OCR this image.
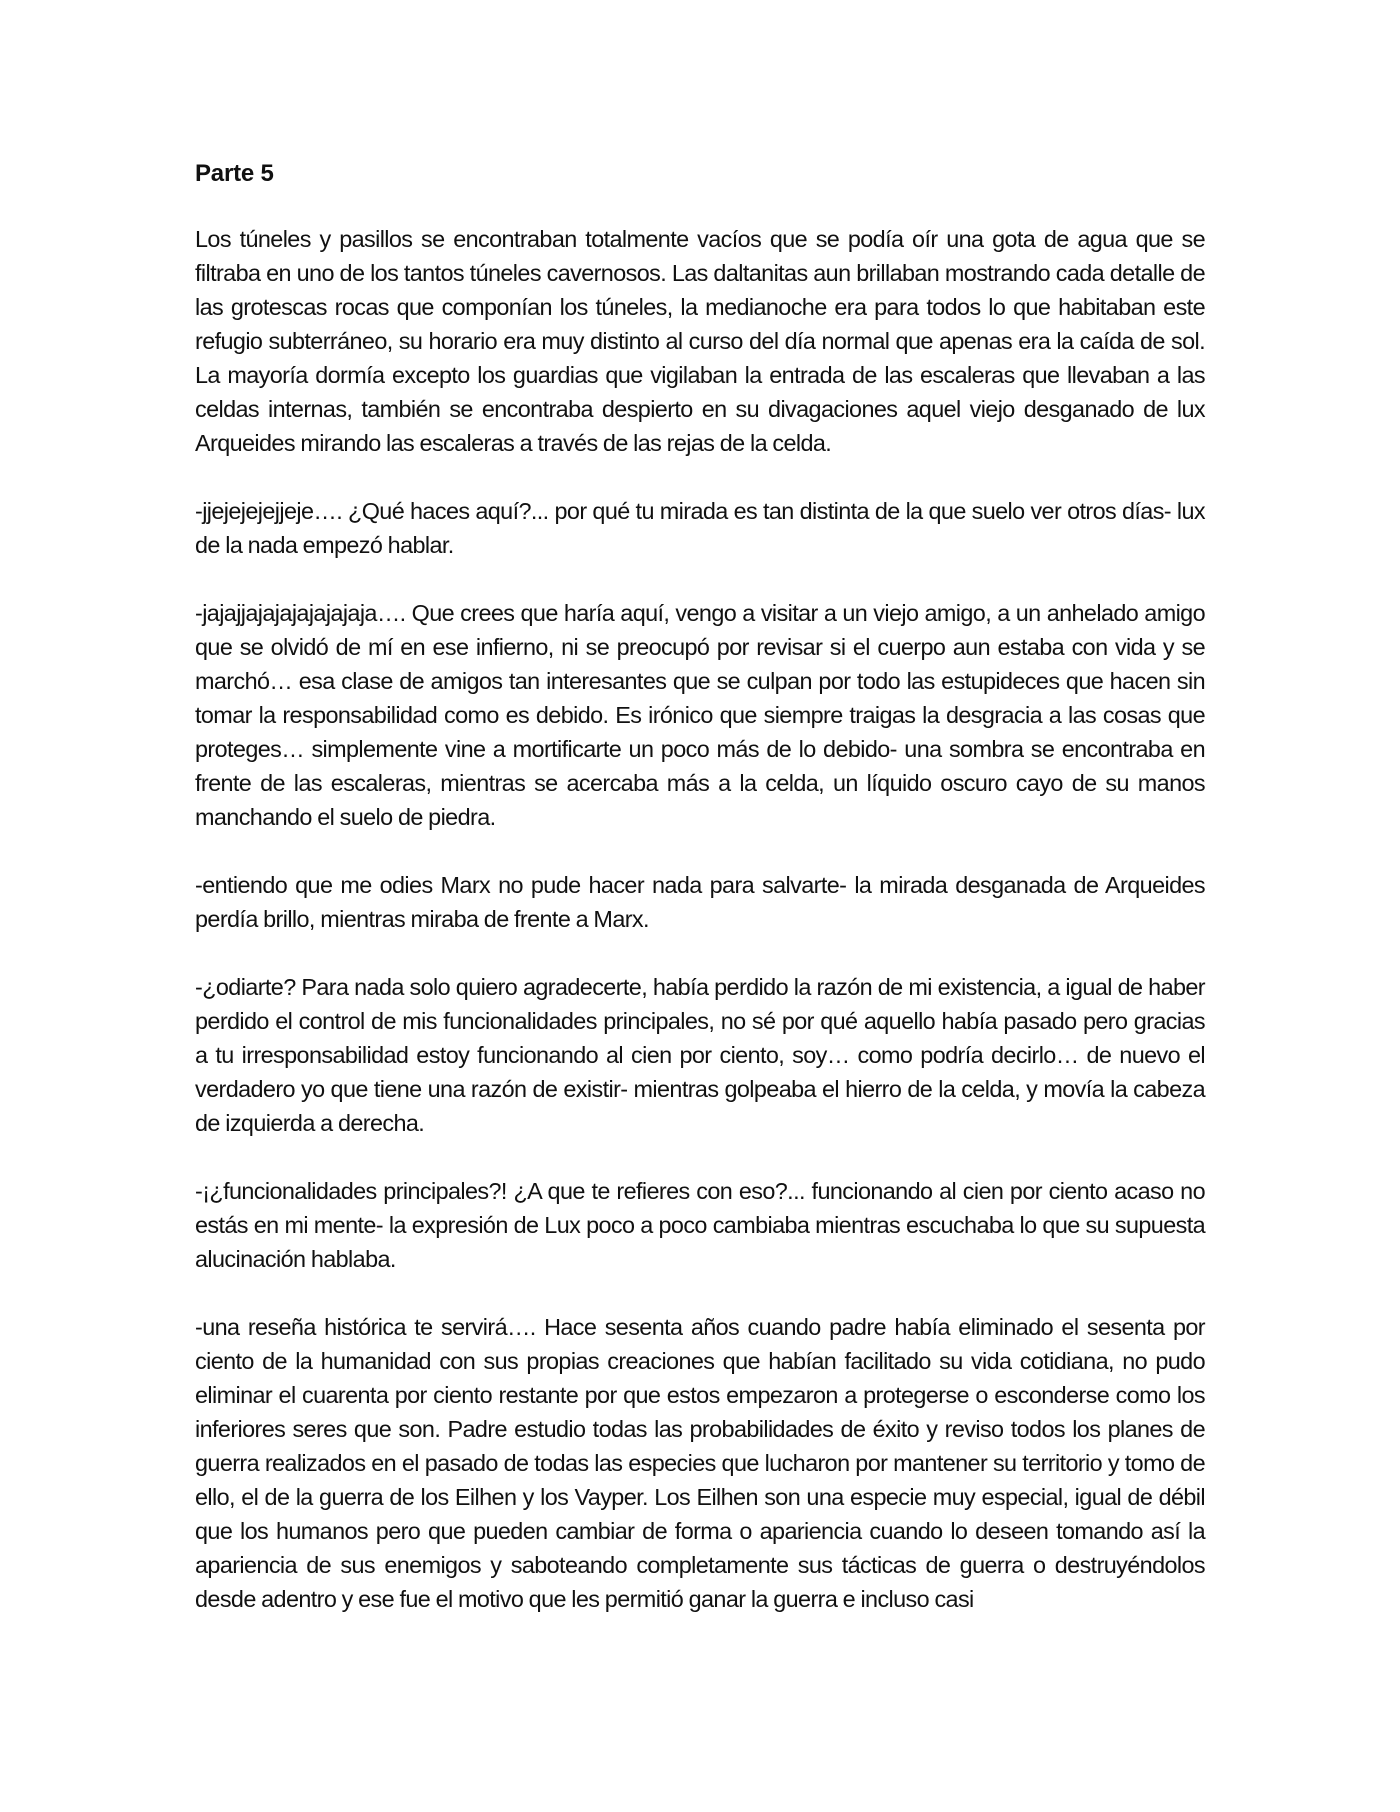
Parte 5

Los túneles y pasillos se encontraban totalmente vacíos que se podía oír una gota de agua que se filtraba en uno de los tantos túneles cavernosos. Las daltanitas aun brillaban mostrando cada detalle de las grotescas rocas que componían los túneles, la medianoche era para todos lo que habitaban este refugio subterráneo, su horario era muy distinto al curso del día normal que apenas era la caída de sol. La mayoría dormía excepto los guardias que vigilaban la entrada de las escaleras que llevaban a las celdas internas, también se encontraba despierto en su divagaciones aquel viejo desganado de lux Arqueides mirando las escaleras a través de las rejas de la celda.

-jjejejejejjeje…. ¿Qué haces aquí?... por qué tu mirada es tan distinta de la que suelo ver otros días- lux de la nada empezó hablar.

-jajajjajajajajajajaja…. Que crees que haría aquí, vengo a visitar a un viejo amigo, a un anhelado amigo que se olvidó de mí en ese infierno, ni se preocupó por revisar si el cuerpo aun estaba con vida y se marchó… esa clase de amigos tan interesantes que se culpan por todo las estupideces que hacen sin tomar la responsabilidad como es debido. Es irónico que siempre traigas la desgracia a las cosas que proteges… simplemente vine a mortificarte un poco más de lo debido- una sombra se encontraba en frente de las escaleras, mientras se acercaba más a la celda, un líquido oscuro cayo de su manos manchando el suelo de piedra.

-entiendo que me odies Marx no pude hacer nada para salvarte- la mirada desganada de Arqueides perdía brillo, mientras miraba de frente a Marx.

-¿odiarte? Para nada solo quiero agradecerte, había perdido la razón de mi existencia, a igual de haber perdido el control de mis funcionalidades principales, no sé por qué aquello había pasado pero gracias a tu irresponsabilidad estoy funcionando al cien por ciento, soy… como podría decirlo… de nuevo el verdadero yo que tiene una razón de existir- mientras golpeaba el hierro de la celda, y movía la cabeza de izquierda a derecha.

-¡¿funcionalidades principales?! ¿A que te refieres con eso?... funcionando al cien por ciento acaso no estás en mi mente- la expresión de Lux poco a poco cambiaba mientras escuchaba lo que su supuesta alucinación hablaba.

-una reseña histórica te servirá…. Hace sesenta años cuando padre había eliminado el sesenta por ciento de la humanidad con sus propias creaciones que habían facilitado su vida cotidiana, no pudo eliminar el cuarenta por ciento restante por que estos empezaron a protegerse o esconderse como los inferiores seres que son. Padre estudio todas las probabilidades de éxito y reviso todos los planes de guerra realizados en el pasado de todas las especies que lucharon por mantener su territorio y tomo de ello, el de la guerra de los Eilhen y los Vayper. Los Eilhen son una especie muy especial, igual de débil que los humanos pero que pueden cambiar de forma o apariencia cuando lo deseen tomando así la apariencia de sus enemigos y saboteando completamente sus tácticas de guerra o destruyéndolos desde adentro y ese fue el motivo que les permitió ganar la guerra e incluso casi
